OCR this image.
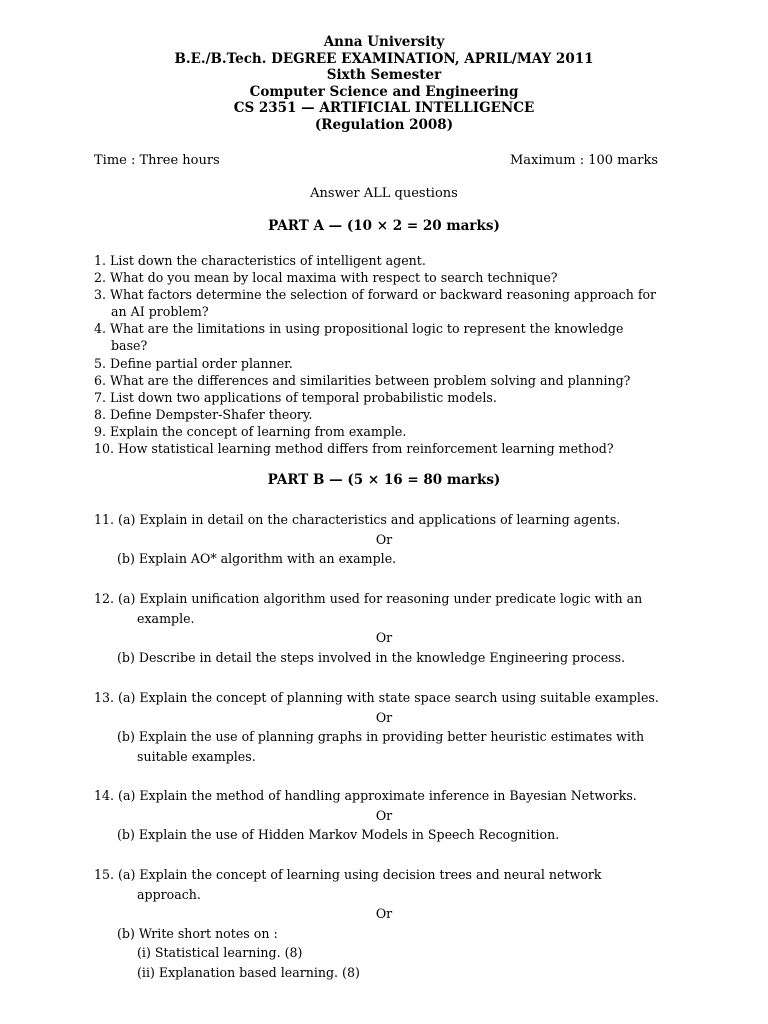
Anna University
B.E./B.Tech. DEGREE EXAMINATION, APRIL/MAY 2011
Sixth Semester
Computer Science and Engineering
CS 2351 — ARTIFICIAL INTELLIGENCE
(Regulation 2008)
Time : Three hours	Maximum : 100 marks
Answer ALL questions
PART A — (10 × 2 = 20 marks)
1. List down the characteristics of intelligent agent.
2. What do you mean by local maxima with respect to search technique?
3. What factors determine the selection of forward or backward reasoning approach for
an AI problem?
4. What are the limitations in using propositional logic to represent the knowledge
base?
5. Define partial order planner.
6. What are the differences and similarities between problem solving and planning?
7. List down two applications of temporal probabilistic models.
8. Define Dempster-Shafer theory.
9. Explain the concept of learning from example.
10. How statistical learning method differs from reinforcement learning method?
PART B — (5 × 16 = 80 marks)
11. (a) Explain in detail on the characteristics and applications of learning agents.
Or
(b) Explain AO* algorithm with an example.
12. (a) Explain unification algorithm used for reasoning under predicate logic with an
example.
Or
(b) Describe in detail the steps involved in the knowledge Engineering process.
13. (a) Explain the concept of planning with state space search using suitable examples.
Or
(b) Explain the use of planning graphs in providing better heuristic estimates with
suitable examples.
14. (a) Explain the method of handling approximate inference in Bayesian Networks.
Or
(b) Explain the use of Hidden Markov Models in Speech Recognition.
15. (a) Explain the concept of learning using decision trees and neural network
approach.
Or
(b) Write short notes on :
(i) Statistical learning. (8)
(ii) Explanation based learning. (8)
